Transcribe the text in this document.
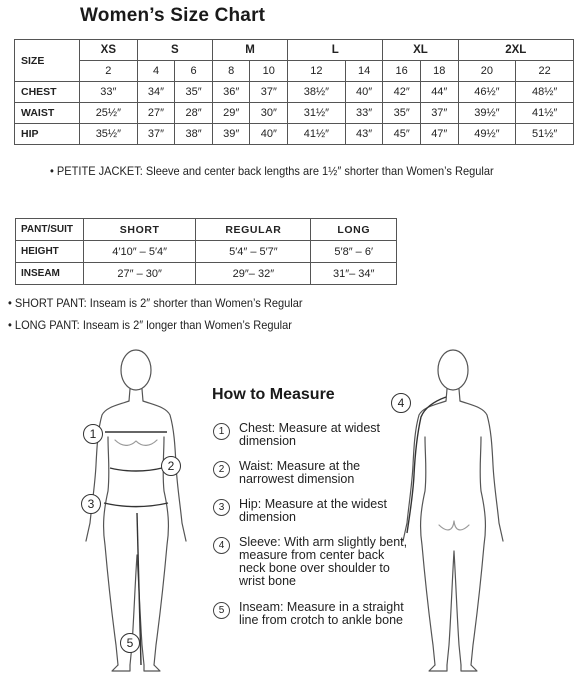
Women’s Size Chart
SIZE	XS	S		M		L		XL		2XL	
	2	4	6	8	10	12	14	16	18	20	22
CHEST	33″	34″	35″	36″	37″	38½″	40″	42″	44″	46½″	48½″
WAIST	25½″	27″	28″	29″	30″	31½″	33″	35″	37″	39½″	41½″
HIP	35½″	37″	38″	39″	40″	41½″	43″	45″	47″	49½″	51½″
• PETITE JACKET: Sleeve and center back lengths are 1½″ shorter than Women’s Regular
PANT/SUIT	SHORT	REGULAR	LONG
HEIGHT	4′10″ – 5′4″	5′4″ – 5′7″	5′8″ – 6′
INSEAM	27″ – 30″	29″– 32″	31″– 34″
• SHORT PANT: Inseam is 2″ shorter than Women’s Regular
• LONG PANT: Inseam is 2″ longer than Women’s Regular
1
2
3
5
4
How to Measure
1	Chest: Measure at widest dimension
2	Waist: Measure at the narrowest dimension
3	Hip: Measure at the widest dimension
4	Sleeve: With arm slightly bent, measure from center back neck bone over shoulder to wrist bone
5	Inseam: Measure in a straight line from crotch to ankle bone
